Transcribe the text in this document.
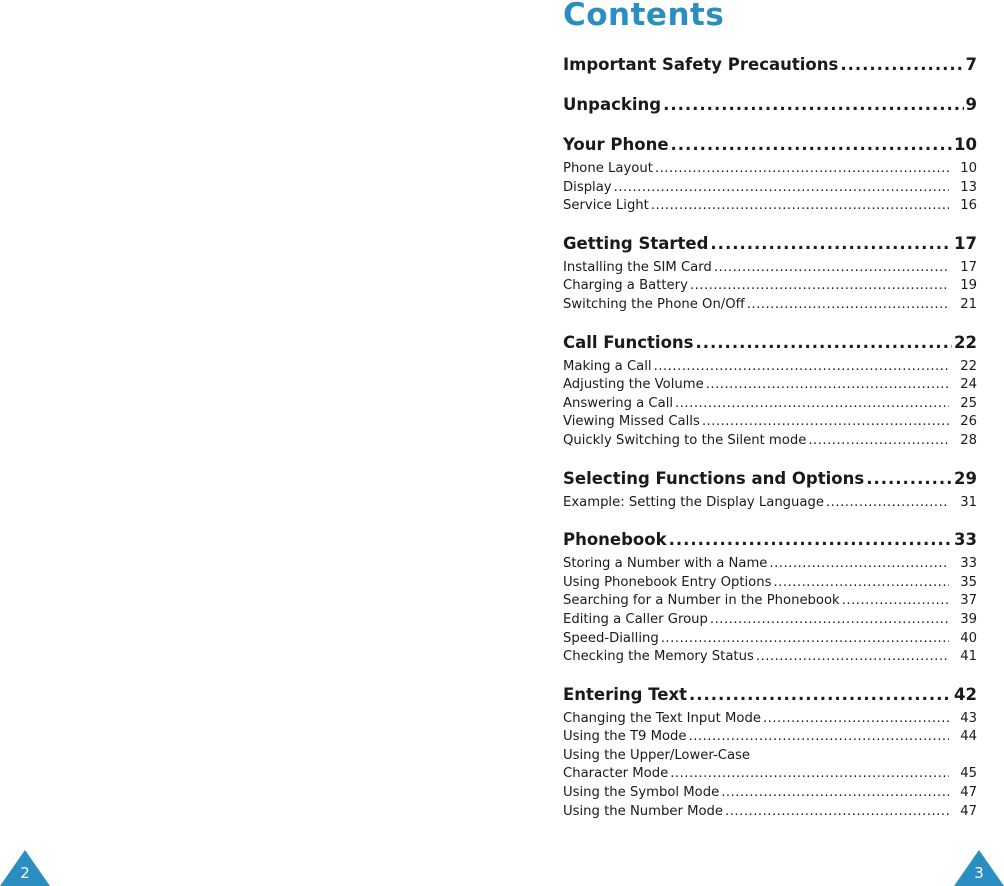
2	3
Contents
Important Safety Precautions .....	7
Unpacking .....	9
Your Phone .....	10
Phone Layout .....	10
Display .....	13
Service Light .....	16
Getting Started .....	17
Installing the SIM Card .....	17
Charging a Battery .....	19
Switching the Phone On/Off .....	21
Call Functions .....	22
Making a Call .....	22
Adjusting the Volume .....	24
Answering a Call .....	25
Viewing Missed Calls .....	26
Quickly Switching to the Silent mode .....	28
Selecting Functions and Options .....	29
Example: Setting the Display Language .....	31
Phonebook .....	33
Storing a Number with a Name .....	33
Using Phonebook Entry Options .....	35
Searching for a Number in the Phonebook .....	37
Editing a Caller Group .....	39
Speed-Dialling .....	40
Checking the Memory Status .....	41
Entering Text .....	42
Changing the Text Input Mode .....	43
Using the T9 Mode .....	44
Using the Upper/Lower-Case
Character Mode .....	45
Using the Symbol Mode .....	47
Using the Number Mode .....	47
